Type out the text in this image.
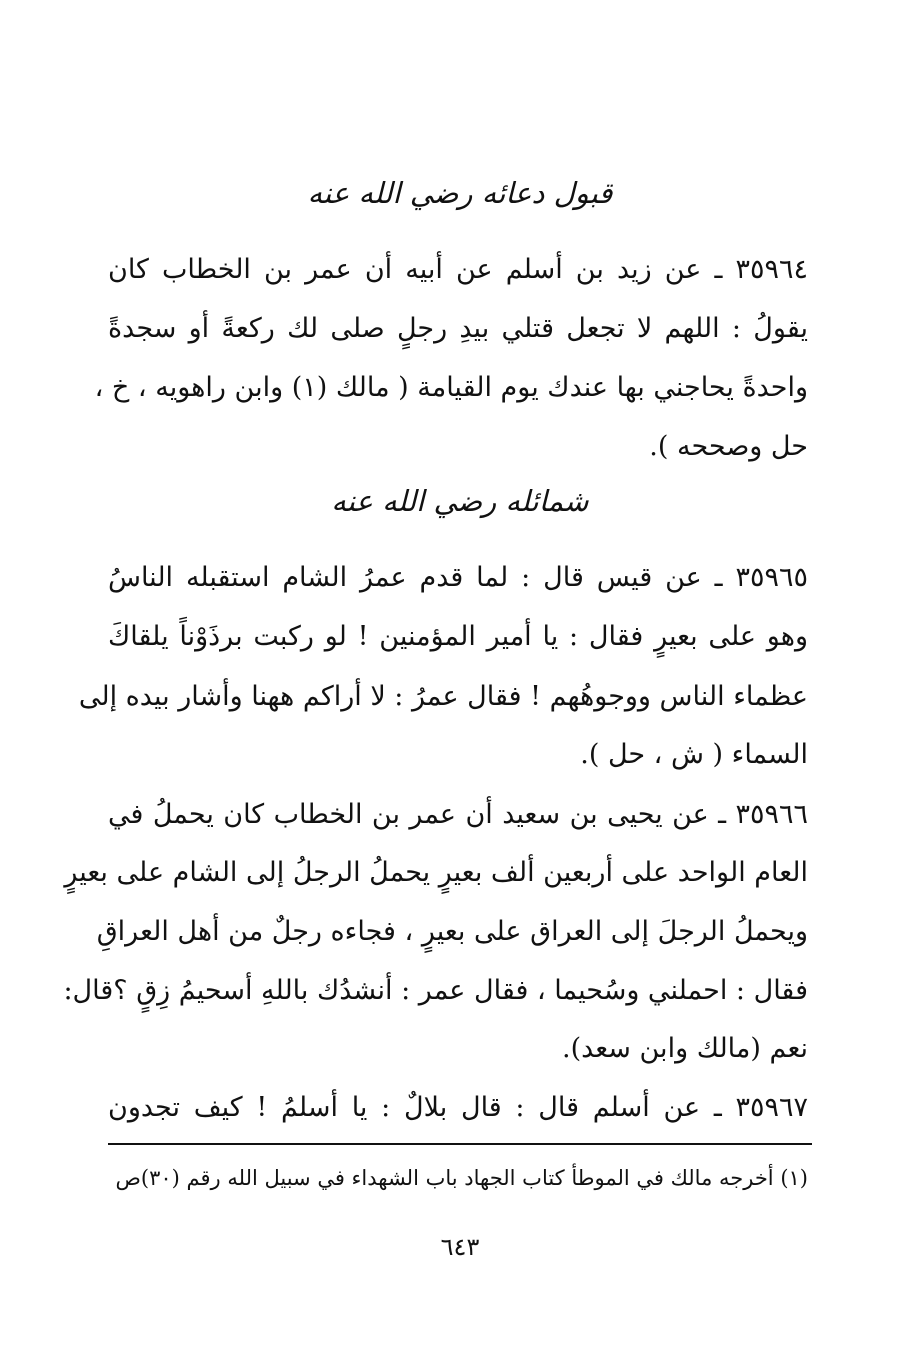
قبول دعائه رضي الله عنه

٣٥٩٦٤ ـ عن زيد بن أسلم عن أبيه أن عمر بن الخطاب كان

يقولُ : اللهم لا تجعل قتلي بيدِ رجلٍ صلى لك ركعةً أو سجدةً

واحدةً يحاجني بها عندك يوم القيامة ( مالك (١) وابن راهويه ، خ ،

حل وصححه ).

شمائله رضي الله عنه

٣٥٩٦٥ ـ عن قيس قال : لما قدم عمرُ الشام استقبله الناسُ

وهو على بعيرٍ فقال : يا أمير المؤمنين ! لو ركبت برذَوْناً يلقاكَ

عظماء الناس ووجوهُهم ! فقال عمرُ : لا أراكم ههنا وأشار بيده إلى

السماء ( ش ، حل ).

٣٥٩٦٦ ـ عن يحيى بن سعيد أن عمر بن الخطاب كان يحملُ في

العام الواحد على أربعين ألف بعيرٍ يحملُ الرجلُ إلى الشام على بعيرٍ

ويحملُ الرجلَ إلى العراق على بعيرٍ ، فجاءه رجلٌ من أهل العراقِ

فقال : احملني وسُحيما ، فقال عمر : أنشدُك باللهِ أسحيمُ زِقٍ ؟قال:

نعم (مالك وابن سعد).

٣٥٩٦٧ ـ عن أسلم قال : قال بلالٌ : يا أسلمُ ! كيف تجدون

(١) أخرجه مالك في الموطأ كتاب الجهاد باب الشهداء في سبيل الله رقم (٣٠)ص

٦٤٣
